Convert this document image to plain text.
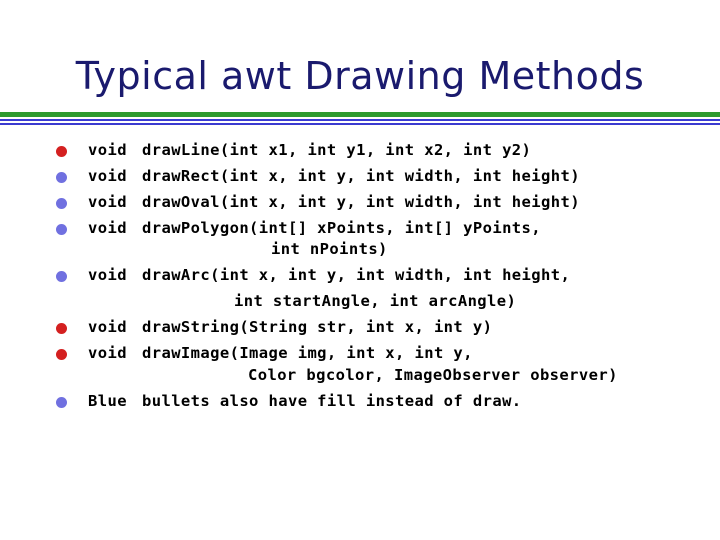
Typical awt Drawing Methods
void drawLine(int x1, int y1, int x2, int y2)
void drawRect(int x, int y, int width, int height)
void drawOval(int x, int y, int width, int height)
void drawPolygon(int[] xPoints, int[] yPoints,
int nPoints)
void drawArc(int x, int y, int width, int height,
int startAngle, int arcAngle)
void drawString(String str, int x, int y)
void drawImage(Image img, int x, int y,
Color bgcolor, ImageObserver observer)
Blue bullets also have fill instead of draw.
